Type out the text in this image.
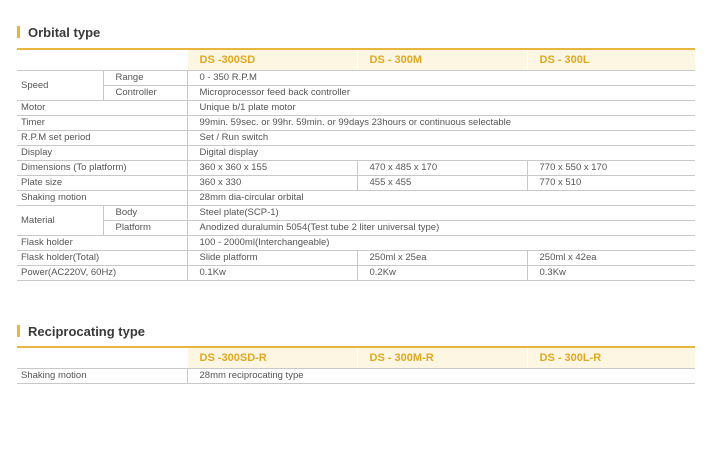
Orbital type
		DS -300SD	DS - 300M	DS - 300L
Speed	Range	0 - 350 R.P.M		
	Controller	Microprocessor feed back controller		
Motor		Unique b/1 plate motor		
Timer		99min. 59sec. or 99hr. 59min. or 99days 23hours or continuous selectable		
R.P.M set period		Set / Run switch		
Display		Digital display		
Dimensions (To platform)		360 x 360 x 155	470 x 485 x 170	770 x 550 x 170
Plate size		360 x 330	455 x 455	770 x 510
Shaking motion		28mm dia-circular orbital		
Material	Body	Steel plate(SCP-1)		
	Platform	Anodized duralumin 5054(Test tube 2 liter universal type)		
Flask holder		100 - 2000ml(Interchangeable)		
Flask holder(Total)		Slide platform	250ml x 25ea	250ml x 42ea
Power(AC220V, 60Hz)		0.1Kw	0.2Kw	0.3Kw
Reciprocating type
	DS -300SD-R	DS - 300M-R	DS - 300L-R
Shaking motion	28mm reciprocating type		
